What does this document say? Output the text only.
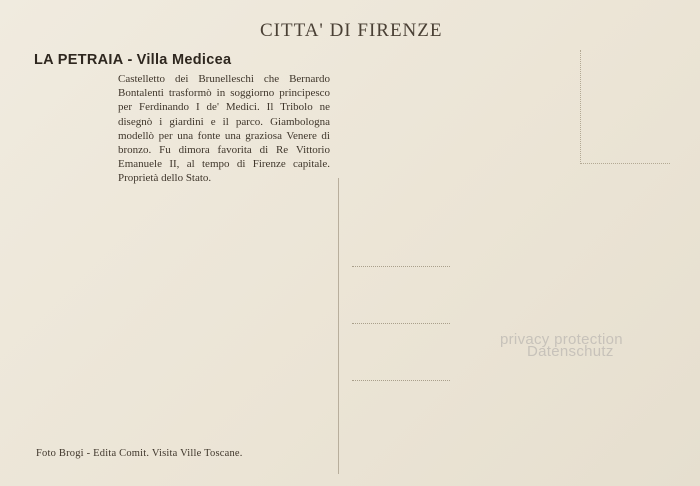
CITTA' DI FIRENZE
LA PETRAIA - Villa Medicea
Castelletto dei Brunelleschi che Bernardo Bontalenti trasformò in soggiorno principesco per Ferdinando I de' Medici. Il Tribolo ne disegnò i giardini e il parco. Giambologna modellò per una fonte una graziosa Venere di bronzo. Fu dimora favorita di Re Vittorio Emanuele II, al tempo di Firenze capitale. Proprietà dello Stato.
Foto Brogi - Edita Comit. Visita Ville Toscane.
privacy protection
Datenschutz
